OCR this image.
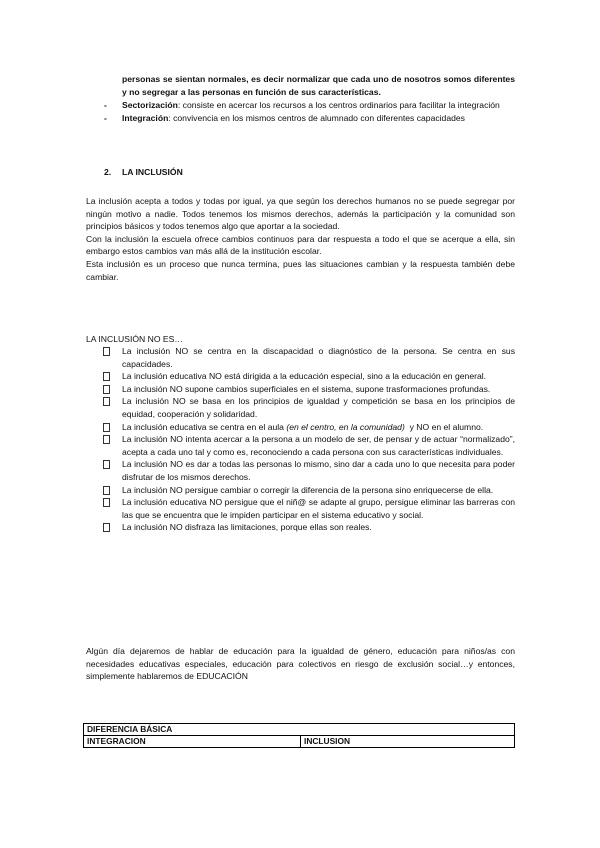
personas se sientan normales, es decir normalizar que cada uno de nosotros somos diferentes y no segregar a las personas en función de sus características.

- Sectorización: consiste en acercar los recursos a los centros ordinarios para facilitar la integración

- Integración: convivencia en los mismos centros de alumnado con diferentes capacidades

2. LA INCLUSIÓN

La inclusión acepta a todos y todas por igual, ya que según los derechos humanos no se puede segregar por ningún motivo a nadie. Todos tenemos los mismos derechos, además la participación y la comunidad son principios básicos y todos tenemos algo que aportar a la sociedad.

Con la inclusión la escuela ofrece cambios continuos para dar respuesta a todo el que se acerque a ella, sin embargo estos cambios van más allá de la institución escolar.

Esta inclusión es un proceso que nunca termina, pues las situaciones cambian y la respuesta también debe cambiar.

LA INCLUSIÓN NO ES…

La inclusión NO se centra en la discapacidad o diagnóstico de la persona. Se centra en sus capacidades.

La inclusión educativa NO está dirigida a la educación especial, sino a la educación en general.

La inclusión NO supone cambios superficiales en el sistema, supone trasformaciones profundas.

La inclusión NO se basa en los principios de igualdad y competición se basa en los principios de equidad, cooperación y solidaridad.

La inclusión educativa se centra en el aula (en el centro, en la comunidad)  y NO en el alumno.

La inclusión NO intenta acercar a la persona a un modelo de ser, de pensar y de actuar “normalizado”, acepta a cada uno tal y como es, reconociendo a cada persona con sus características individuales.

La inclusión NO es dar a todas las personas lo mismo, sino dar a cada uno lo que necesita para poder disfrutar de los mismos derechos.

La inclusión NO persigue cambiar o corregir la diferencia de la persona sino enriquecerse de ella.

La inclusión educativa NO persigue que el niñ@ se adapte al grupo, persigue eliminar las barreras con las que se encuentra que le impiden participar en el sistema educativo y social.

La inclusión NO disfraza las limitaciones, porque ellas son reales.

Algún día dejaremos de hablar de educación para la igualdad de género, educación para niños/as con necesidades educativas especiales, educación para colectivos en riesgo de exclusión social…y entonces, simplemente hablaremos de EDUCACIÓN

DIFERENCIA BÁSICA
INTEGRACION	INCLUSION
